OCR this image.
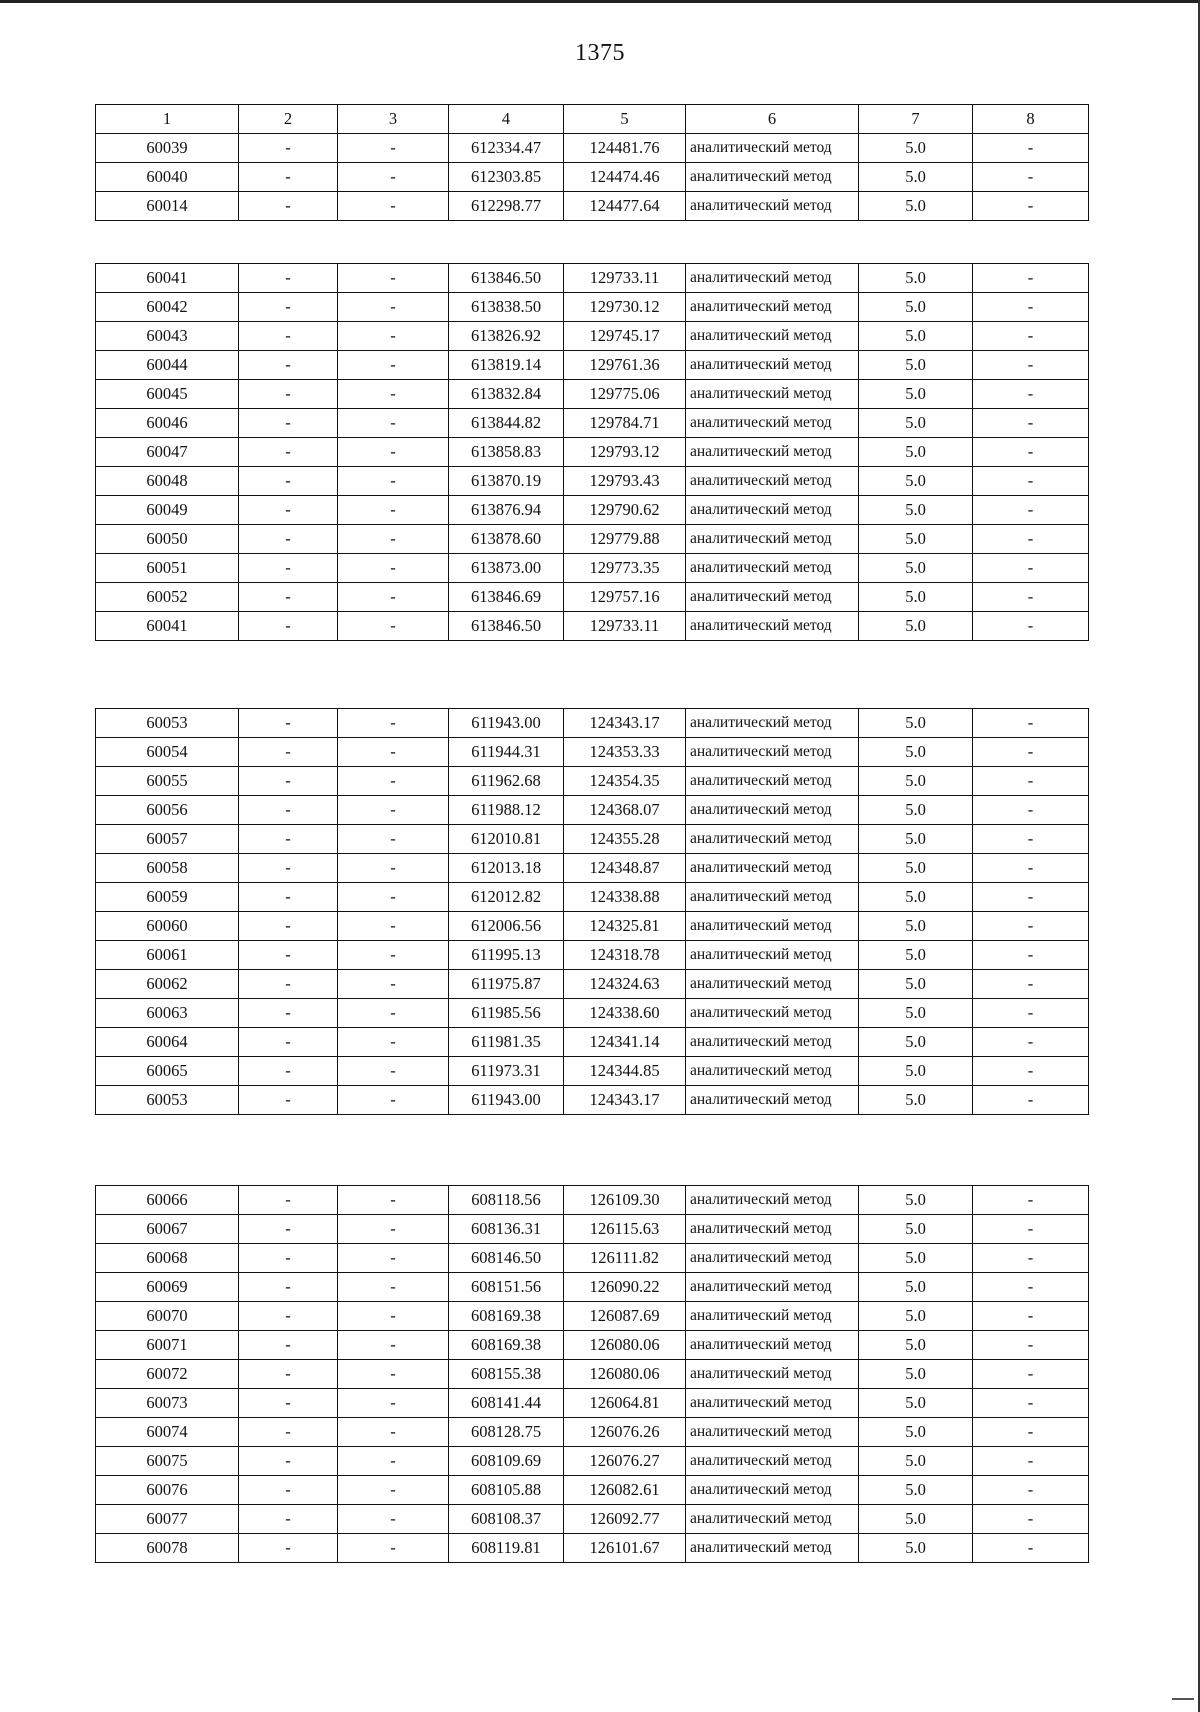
1375
1	2	3	4	5	6	7	8
60039	-	-	612334.47	124481.76	аналитический метод	5.0	-
60040	-	-	612303.85	124474.46	аналитический метод	5.0	-
60014	-	-	612298.77	124477.64	аналитический метод	5.0	-
60041	-	-	613846.50	129733.11	аналитический метод	5.0	-
60042	-	-	613838.50	129730.12	аналитический метод	5.0	-
60043	-	-	613826.92	129745.17	аналитический метод	5.0	-
60044	-	-	613819.14	129761.36	аналитический метод	5.0	-
60045	-	-	613832.84	129775.06	аналитический метод	5.0	-
60046	-	-	613844.82	129784.71	аналитический метод	5.0	-
60047	-	-	613858.83	129793.12	аналитический метод	5.0	-
60048	-	-	613870.19	129793.43	аналитический метод	5.0	-
60049	-	-	613876.94	129790.62	аналитический метод	5.0	-
60050	-	-	613878.60	129779.88	аналитический метод	5.0	-
60051	-	-	613873.00	129773.35	аналитический метод	5.0	-
60052	-	-	613846.69	129757.16	аналитический метод	5.0	-
60041	-	-	613846.50	129733.11	аналитический метод	5.0	-
60053	-	-	611943.00	124343.17	аналитический метод	5.0	-
60054	-	-	611944.31	124353.33	аналитический метод	5.0	-
60055	-	-	611962.68	124354.35	аналитический метод	5.0	-
60056	-	-	611988.12	124368.07	аналитический метод	5.0	-
60057	-	-	612010.81	124355.28	аналитический метод	5.0	-
60058	-	-	612013.18	124348.87	аналитический метод	5.0	-
60059	-	-	612012.82	124338.88	аналитический метод	5.0	-
60060	-	-	612006.56	124325.81	аналитический метод	5.0	-
60061	-	-	611995.13	124318.78	аналитический метод	5.0	-
60062	-	-	611975.87	124324.63	аналитический метод	5.0	-
60063	-	-	611985.56	124338.60	аналитический метод	5.0	-
60064	-	-	611981.35	124341.14	аналитический метод	5.0	-
60065	-	-	611973.31	124344.85	аналитический метод	5.0	-
60053	-	-	611943.00	124343.17	аналитический метод	5.0	-
60066	-	-	608118.56	126109.30	аналитический метод	5.0	-
60067	-	-	608136.31	126115.63	аналитический метод	5.0	-
60068	-	-	608146.50	126111.82	аналитический метод	5.0	-
60069	-	-	608151.56	126090.22	аналитический метод	5.0	-
60070	-	-	608169.38	126087.69	аналитический метод	5.0	-
60071	-	-	608169.38	126080.06	аналитический метод	5.0	-
60072	-	-	608155.38	126080.06	аналитический метод	5.0	-
60073	-	-	608141.44	126064.81	аналитический метод	5.0	-
60074	-	-	608128.75	126076.26	аналитический метод	5.0	-
60075	-	-	608109.69	126076.27	аналитический метод	5.0	-
60076	-	-	608105.88	126082.61	аналитический метод	5.0	-
60077	-	-	608108.37	126092.77	аналитический метод	5.0	-
60078	-	-	608119.81	126101.67	аналитический метод	5.0	-
